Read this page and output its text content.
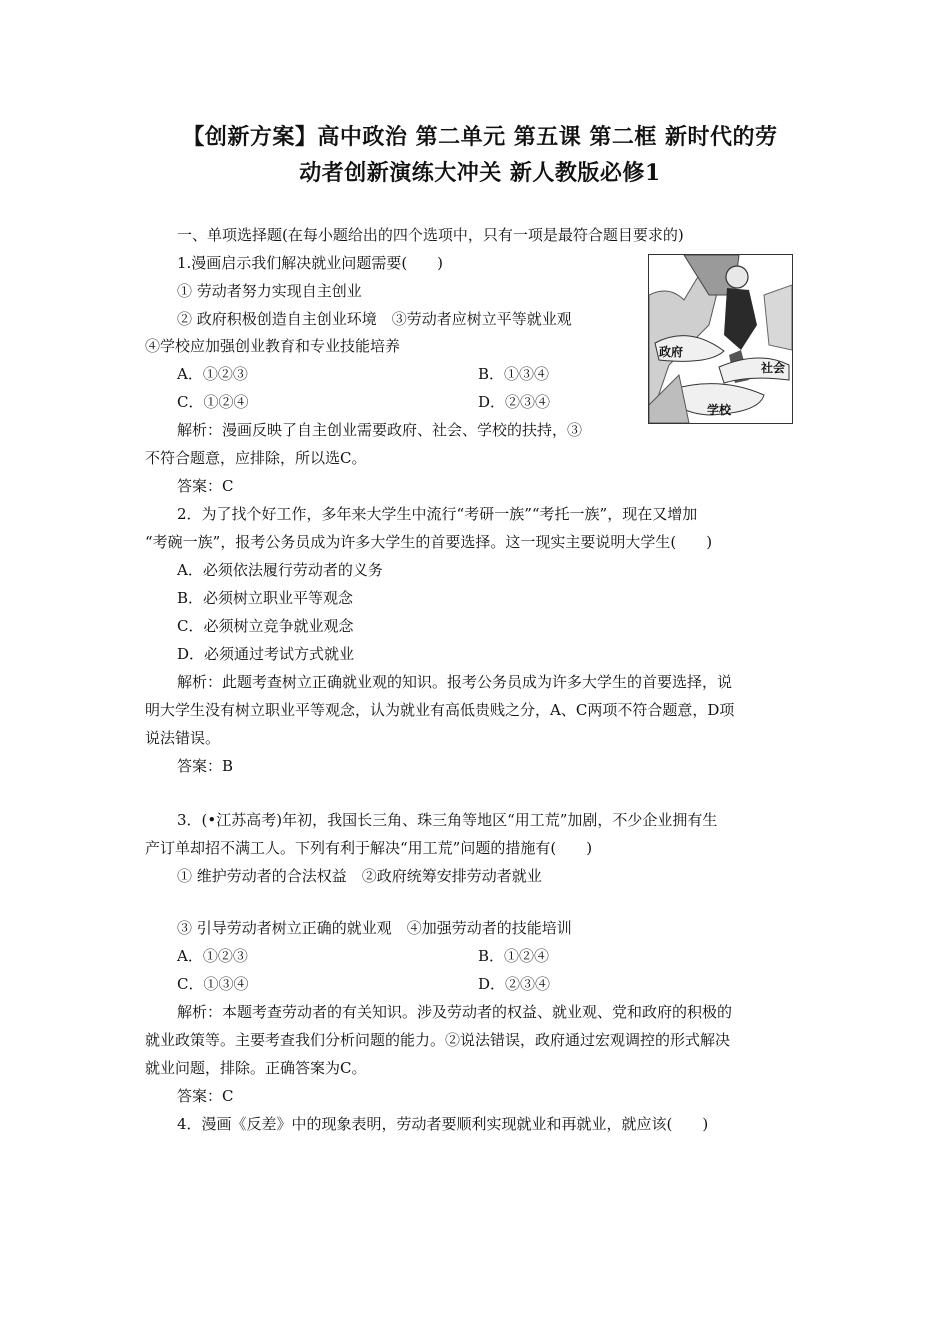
【创新方案】高中政治 第二单元 第五课 第二框 新时代的劳
动者创新演练大冲关 新人教版必修1
一、单项选择题(在每小题给出的四个选项中，只有一项是最符合题目要求的)
1.漫画启示我们解决就业问题需要(　　)
① 劳动者努力实现自主创业
② 政府积极创造自主创业环境　③劳动者应树立平等就业观
④学校应加强创业教育和专业技能培养
A．①②③	B．①③④
C．①②④	D．②③④
解析：漫画反映了自主创业需要政府、社会、学校的扶持，③
不符合题意，应排除，所以选C。
答案：C
政府
社会
学校
2．为了找个好工作，多年来大学生中流行“考研一族”“考托一族”，现在又增加
“考碗一族”，报考公务员成为许多大学生的首要选择。这一现实主要说明大学生(　　)
A．必须依法履行劳动者的义务
B．必须树立职业平等观念
C．必须树立竞争就业观念
D．必须通过考试方式就业
解析：此题考查树立正确就业观的知识。报考公务员成为许多大学生的首要选择，说
明大学生没有树立职业平等观念，认为就业有高低贵贱之分，A、C两项不符合题意，D项
说法错误。
答案：B
3．(•江苏高考)年初，我国长三角、珠三角等地区“用工荒”加剧，不少企业拥有生
产订单却招不满工人。下列有利于解决“用工荒”问题的措施有(　　)
① 维护劳动者的合法权益　②政府统筹安排劳动者就业
③ 引导劳动者树立正确的就业观　④加强劳动者的技能培训
A．①②③	B．①②④
C．①③④	D．②③④
解析：本题考查劳动者的有关知识。涉及劳动者的权益、就业观、党和政府的积极的
就业政策等。主要考查我们分析问题的能力。②说法错误，政府通过宏观调控的形式解决
就业问题，排除。正确答案为C。
答案：C
4．漫画《反差》中的现象表明，劳动者要顺利实现就业和再就业，就应该(　　)
